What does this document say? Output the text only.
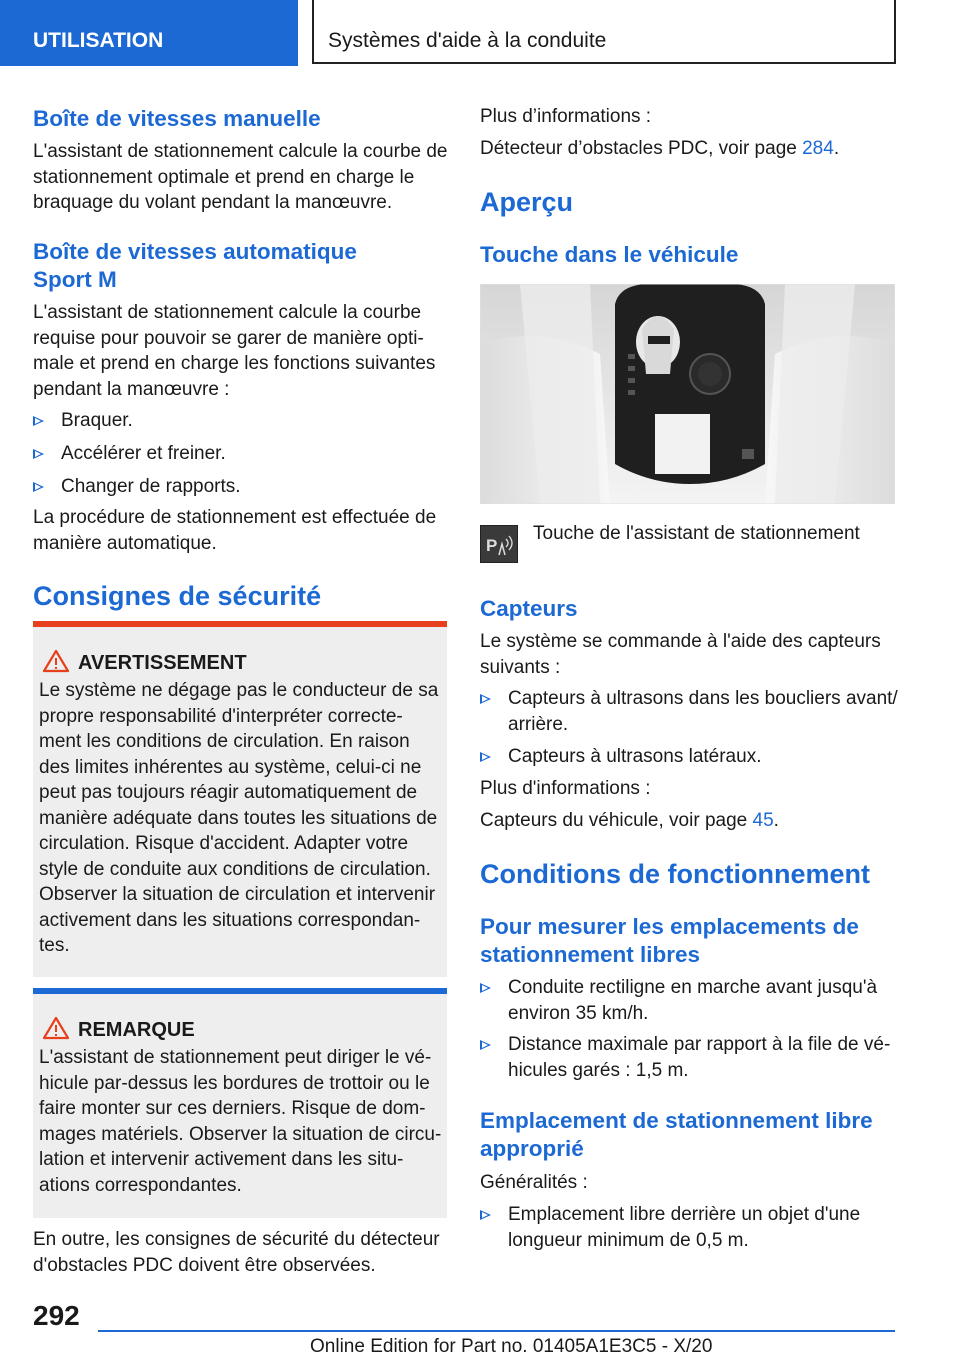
UTILISATION	Systèmes d'aide à la conduite
Boîte de vitesses manuelle

L'assistant de stationnement calcule la courbe de stationnement optimale et prend en charge le braquage du volant pendant la manœuvre.

Boîte de vitesses automatique Sport M

L'assistant de stationnement calcule la courbe requise pour pouvoir se garer de manière opti-male et prend en charge les fonctions suivantes pendant la manœuvre :

Braquer.
Accélérer et freiner.
Changer de rapports.

La procédure de stationnement est effectuée de manière automatique.

Consignes de sécurité
AVERTISSEMENT
Le système ne dégage pas le conducteur de sa propre responsabilité d'interpréter correcte-ment les conditions de circulation. En raison des limites inhérentes au système, celui-ci ne peut pas toujours réagir automatiquement de manière adéquate dans toutes les situations de circulation. Risque d'accident. Adapter votre style de conduite aux conditions de circulation. Observer la situation de circulation et intervenir activement dans les situations correspondan-tes.
REMARQUE
L'assistant de stationnement peut diriger le vé-hicule par-dessus les bordures de trottoir ou le faire monter sur ces derniers. Risque de dom-mages matériels. Observer la situation de circu-lation et intervenir activement dans les situ-ations correspondantes.

En outre, les consignes de sécurité du détecteur d'obstacles PDC doivent être observées.

Plus d’informations :

Détecteur d’obstacles PDC, voir page 284.

Aperçu
Touche dans le véhicule
P

Touche de l'assistant de stationnement

Capteurs

Le système se commande à l'aide des capteurs suivants :

Capteurs à ultrasons dans les boucliers avant/ arrière.
Capteurs à ultrasons latéraux.

Plus d'informations :

Capteurs du véhicule, voir page 45.

Conditions de fonctionnement
Pour mesurer les emplacements de stationnement libres
Conduite rectiligne en marche avant jusqu'à environ 35 km/h.
Distance maximale par rapport à la file de vé-hicules garés : 1,5 m.
Emplacement de stationnement libre approprié

Généralités :

Emplacement libre derrière un objet d'une longueur minimum de 0,5 m.
292
Online Edition for Part no. 01405A1E3C5 - X/20
